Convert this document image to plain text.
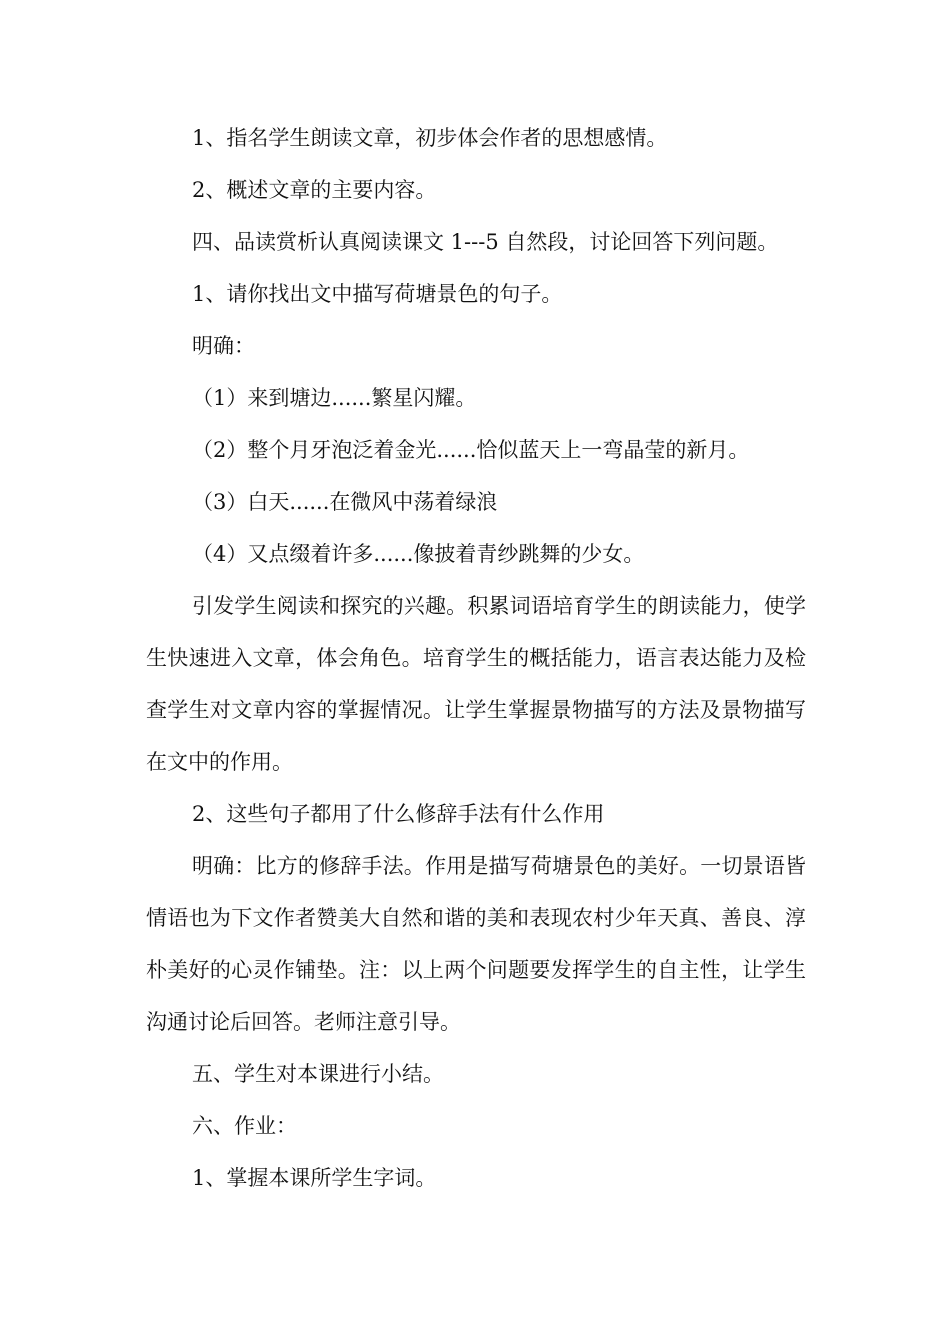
1、指名学生朗读文章，初步体会作者的思想感情。

2、概述文章的主要内容。

四、品读赏析认真阅读课文 1---5 自然段，讨论回答下列问题。

1、请你找出文中描写荷塘景色的句子。

明确：

（1）来到塘边......繁星闪耀。

（2）整个月牙泡泛着金光......恰似蓝天上一弯晶莹的新月。

（3）白天......在微风中荡着绿浪

（4）又点缀着许多......像披着青纱跳舞的少女。

引发学生阅读和探究的兴趣。积累词语培育学生的朗读能力，使学生快速进入文章，体会角色。培育学生的概括能力，语言表达能力及检查学生对文章内容的掌握情况。让学生掌握景物描写的方法及景物描写在文中的作用。

2、这些句子都用了什么修辞手法有什么作用

明确：比方的修辞手法。作用是描写荷塘景色的美好。一切景语皆情语也为下文作者赞美大自然和谐的美和表现农村少年天真、善良、淳朴美好的心灵作铺垫。注：以上两个问题要发挥学生的自主性，让学生沟通讨论后回答。老师注意引导。

五、学生对本课进行小结。

六、作业：

1、掌握本课所学生字词。
